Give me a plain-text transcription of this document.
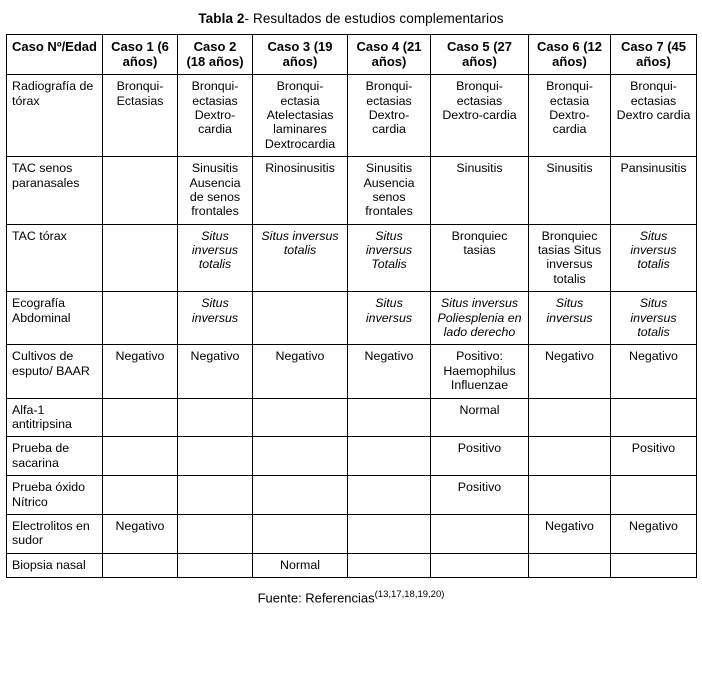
Tabla 2- Resultados de estudios complementarios
Caso Nº/Edad	Caso 1 (6 años)	Caso 2 (18 años)	Caso 3 (19 años)	Caso 4 (21 años)	Caso 5 (27 años)	Caso 6 (12 años)	Caso 7 (45 años)
Radiografía de tórax	Bronqui-Ectasias	Bronqui-ectasias Dextro-cardia	Bronqui-ectasia Atelectasias laminares Dextrocardia	Bronqui-ectasias Dextro-cardia	Bronqui-ectasias Dextro-cardia	Bronqui-ectasia Dextro-cardia	Bronqui-ectasias Dextro cardia
TAC senos paranasales		Sinusitis Ausencia de senos frontales	Rinosinusitis	Sinusitis Ausencia senos frontales	Sinusitis	Sinusitis	Pansinusitis
TAC tórax		Situs inversus totalis	Situs inversus totalis	Situs inversus Totalis	Bronquiec tasias	Bronquiec tasias Situs inversus totalis	Situs inversus totalis
Ecografía Abdominal		Situs inversus		Situs inversus	Situs inversus Poliesplenia en lado derecho	Situs inversus	Situs inversus totalis
Cultivos de esputo/ BAAR	Negativo	Negativo	Negativo	Negativo	Positivo: Haemophilus Influenzae	Negativo	Negativo
Alfa-1 antitripsina					Normal		
Prueba de sacarina					Positivo		Positivo
Prueba óxido Nítrico					Positivo		
Electrolitos en sudor	Negativo					Negativo	Negativo
Biopsia nasal			Normal				
Fuente: Referencias$^{(13,17,18,19,20)}$
